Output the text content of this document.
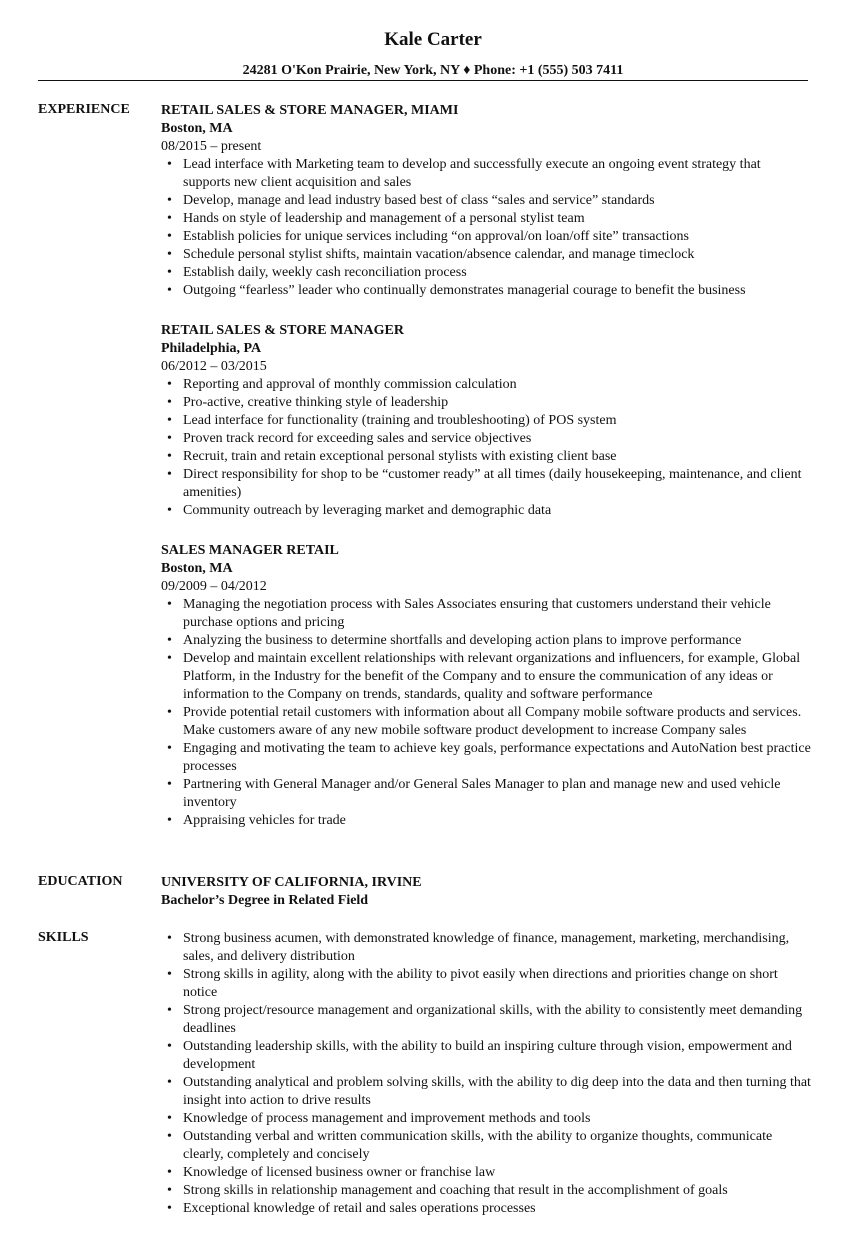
Kale Carter
24281 O'Kon Prairie, New York, NY ♦ Phone: +1 (555) 503 7411
EXPERIENCE RETAIL SALES & STORE MANAGER, MIAMI
Boston, MA
08/2015 – present
• Lead interface with Marketing team to develop and successfully execute an ongoing event strategy that supports new client acquisition and sales
• Develop, manage and lead industry based best of class “sales and service” standards
• Hands on style of leadership and management of a personal stylist team
• Establish policies for unique services including “on approval/on loan/off site” transactions
• Schedule personal stylist shifts, maintain vacation/absence calendar, and manage timeclock
• Establish daily, weekly cash reconciliation process
• Outgoing “fearless” leader who continually demonstrates managerial courage to benefit the business
RETAIL SALES & STORE MANAGER
Philadelphia, PA
06/2012 – 03/2015
• Reporting and approval of monthly commission calculation
• Pro-active, creative thinking style of leadership
• Lead interface for functionality (training and troubleshooting) of POS system
• Proven track record for exceeding sales and service objectives
• Recruit, train and retain exceptional personal stylists with existing client base
• Direct responsibility for shop to be “customer ready” at all times (daily housekeeping, maintenance, and client amenities)
• Community outreach by leveraging market and demographic data
SALES MANAGER RETAIL
Boston, MA
09/2009 – 04/2012
• Managing the negotiation process with Sales Associates ensuring that customers understand their vehicle purchase options and pricing
• Analyzing the business to determine shortfalls and developing action plans to improve performance
• Develop and maintain excellent relationships with relevant organizations and influencers, for example, Global Platform, in the Industry for the benefit of the Company and to ensure the communication of any ideas or information to the Company on trends, standards, quality and software performance
• Provide potential retail customers with information about all Company mobile software products and services. Make customers aware of any new mobile software product development to increase Company sales
• Engaging and motivating the team to achieve key goals, performance expectations and AutoNation best practice processes
• Partnering with General Manager and/or General Sales Manager to plan and manage new and used vehicle inventory
• Appraising vehicles for trade
EDUCATION	UNIVERSITY OF CALIFORNIA, IRVINE
Bachelor’s Degree in Related Field
SKILLS	• Strong business acumen, with demonstrated knowledge of finance, management, marketing, merchandising, sales, and delivery distribution
• Strong skills in agility, along with the ability to pivot easily when directions and priorities change on short notice
• Strong project/resource management and organizational skills, with the ability to consistently meet demanding deadlines
• Outstanding leadership skills, with the ability to build an inspiring culture through vision, empowerment and development
• Outstanding analytical and problem solving skills, with the ability to dig deep into the data and then turning that insight into action to drive results
• Knowledge of process management and improvement methods and tools
• Outstanding verbal and written communication skills, with the ability to organize thoughts, communicate clearly, completely and concisely
• Knowledge of licensed business owner or franchise law
• Strong skills in relationship management and coaching that result in the accomplishment of goals
• Exceptional knowledge of retail and sales operations processes
